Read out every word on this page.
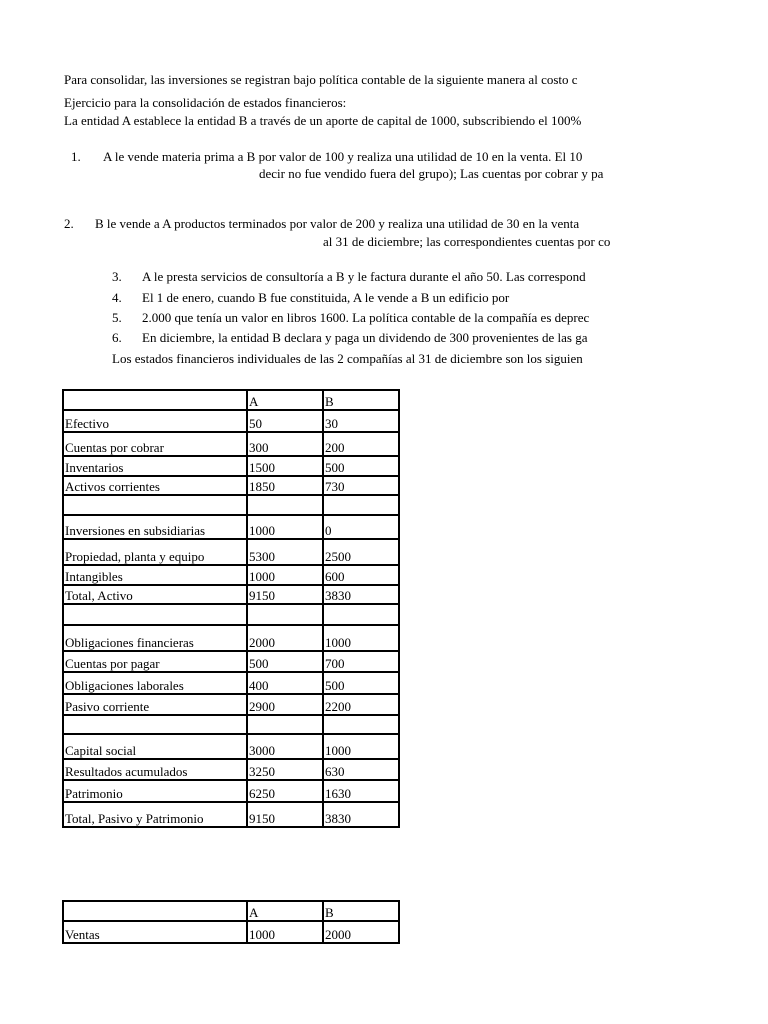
Para consolidar, las inversiones se registran bajo política contable de la siguiente manera al costo c
Ejercicio para la consolidación de estados financieros:
La entidad A establece la entidad B a través de un aporte de capital de 1000, subscribiendo el 100%
1. A le vende materia prima a B por valor de 100 y realiza una utilidad de 10 en la venta. El 10
decir no fue vendido fuera del grupo); Las cuentas por cobrar y pa
2. B le vende a A productos terminados por valor de 200 y realiza una utilidad de 30 en la venta
al 31 de diciembre; las correspondientes cuentas por co
3. A le presta servicios de consultoría a B y le factura durante el año 50. Las correspond
4. El 1 de enero, cuando B fue constituida, A le vende a B un edificio por
5. 2.000 que tenía un valor en libros 1600. La política contable de la compañía es deprec
6. En diciembre, la entidad B declara y paga un dividendo de 300 provenientes de las ga
Los estados financieros individuales de las 2 compañías al 31 de diciembre son los siguien
	A	B
Efectivo	50	30
Cuentas por cobrar	300	200
Inventarios	1500	500
Activos corrientes	1850	730

Inversiones en subsidiarias	1000	0
Propiedad, planta y equipo	5300	2500
Intangibles	1000	600
Total, Activo	9150	3830

Obligaciones financieras	2000	1000
Cuentas por pagar	500	700
Obligaciones laborales	400	500
Pasivo corriente	2900	2200

Capital social	3000	1000
Resultados acumulados	3250	630
Patrimonio	6250	1630
Total, Pasivo y Patrimonio	9150	3830
	A	B
Ventas	1000	2000
